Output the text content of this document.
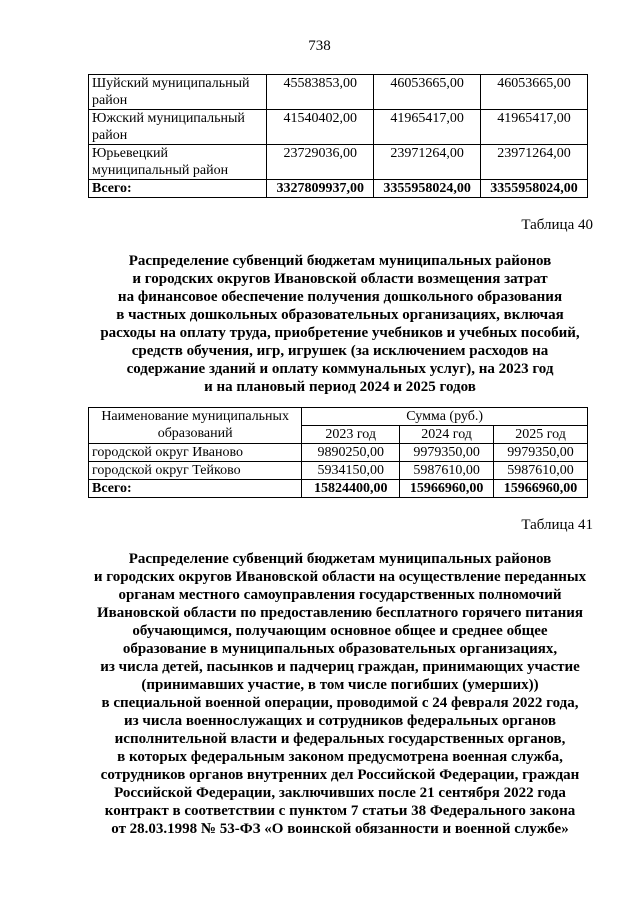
738
Шуйский муниципальный
район	45583853,00	46053665,00	46053665,00

Южский муниципальный
район	41540402,00	41965417,00	41965417,00

Юрьевецкий
муниципальный район	23729036,00	23971264,00	23971264,00
Всего:	3327809937,00	3355958024,00	3355958024,00
Таблица 40
Распределение субвенций бюджетам муниципальных районов
и городских округов Ивановской области возмещения затрат
на финансовое обеспечение получения дошкольного образования
в частных дошкольных образовательных организациях, включая
расходы на оплату труда, приобретение учебников и учебных пособий,
средств обучения, игр, игрушек (за исключением расходов на
содержание зданий и оплату коммунальных услуг), на 2023 год
и на плановый период 2024 и 2025 годов
Наименование муниципальных
образований	Сумма (руб.)		
	2023 год	2024 год	2025 год
городской округ Иваново	9890250,00	9979350,00	9979350,00
городской округ Тейково	5934150,00	5987610,00	5987610,00
Всего:	15824400,00	15966960,00	15966960,00
Таблица 41
Распределение субвенций бюджетам муниципальных районов
и городских округов Ивановской области на осуществление переданных
органам местного самоуправления государственных полномочий
Ивановской области по предоставлению бесплатного горячего питания
обучающимся, получающим основное общее и среднее общее
образование в муниципальных образовательных организациях,
из числа детей, пасынков и падчериц граждан, принимающих участие
(принимавших участие, в том числе погибших (умерших))
в специальной военной операции, проводимой с 24 февраля 2022 года,
из числа военнослужащих и сотрудников федеральных органов
исполнительной власти и федеральных государственных органов,
в которых федеральным законом предусмотрена военная служба,
сотрудников органов внутренних дел Российской Федерации, граждан
Российской Федерации, заключивших после 21 сентября 2022 года
контракт в соответствии с пунктом 7 статьи 38 Федерального закона
от 28.03.1998 № 53-ФЗ «О воинской обязанности и военной службе»
